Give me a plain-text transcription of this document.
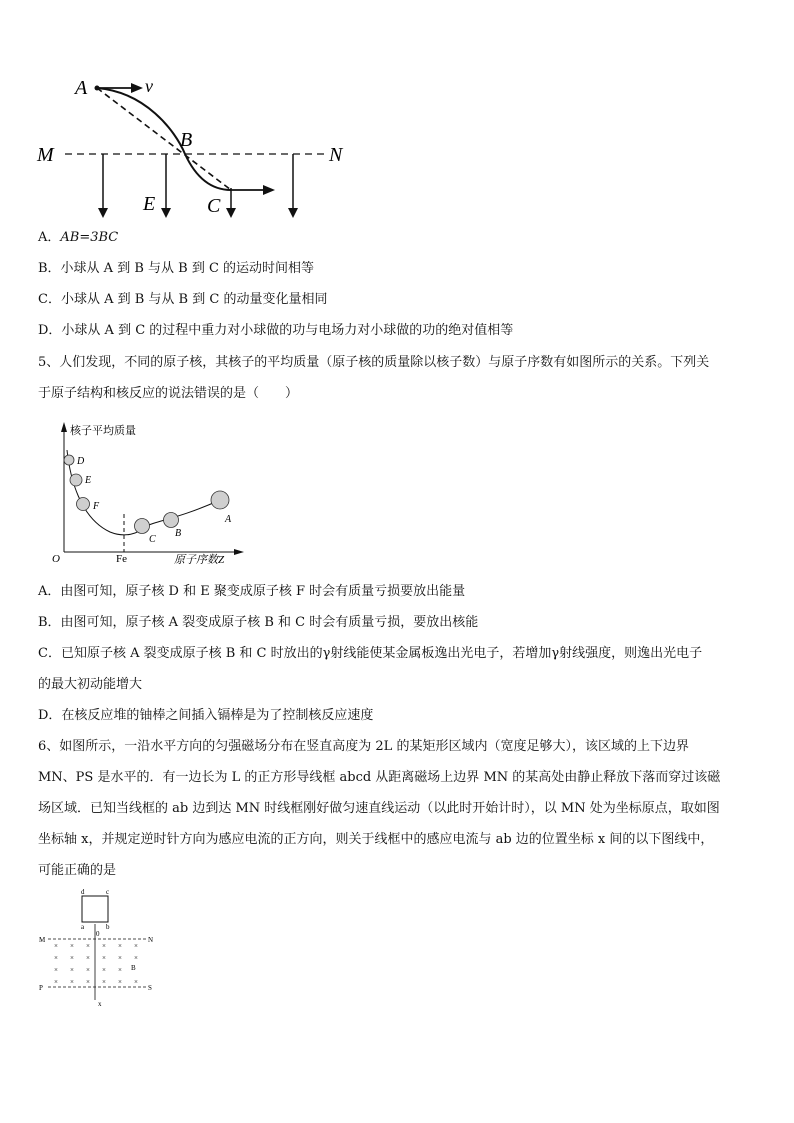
A	v
B
C
M	N
E
A．AB=3BC
B．小球从 A 到 B 与从 B 到 C 的运动时间相等
C．小球从 A 到 B 与从 B 到 C 的动量变化量相同
D．小球从 A 到 C 的过程中重力对小球做的功与电场力对小球做的功的绝对值相等
5、人们发现，不同的原子核，其核子的平均质量（原子核的质量除以核子数）与原子序数有如图所示的关系。下列关
于原子结构和核反应的说法错误的是（　　）
核子平均质量
原子序数Z
O	Fe
D
E
F
C
B
A
A．由图可知，原子核 D 和 E 聚变成原子核 F 时会有质量亏损要放出能量
B．由图可知，原子核 A 裂变成原子核 B 和 C 时会有质量亏损，要放出核能
C．已知原子核 A 裂变成原子核 B 和 C 时放出的γ射线能使某金属板逸出光电子，若增加γ射线强度，则逸出光电子
的最大初动能增大
D．在核反应堆的铀棒之间插入镉棒是为了控制核反应速度
6、如图所示，一沿水平方向的匀强磁场分布在竖直高度为 2L 的某矩形区域内（宽度足够大），该区域的上下边界
MN、PS 是水平的．有一边长为 L 的正方形导线框 abcd 从距离磁场上边界 MN 的某高处由静止释放下落而穿过该磁
场区域．已知当线框的 ab 边到达 MN 时线框刚好做匀速直线运动（以此时开始计时），以 MN 处为坐标原点，取如图
坐标轴 x，并规定逆时针方向为感应电流的正方向，则关于线框中的感应电流与 ab 边的位置坐标 x 间的以下图线中，
可能正确的是
d	c
a	b
0
M	N
P	S
x
B
× × × × × ×
× × × × × ×
× × × × ×
× × × × × ×
